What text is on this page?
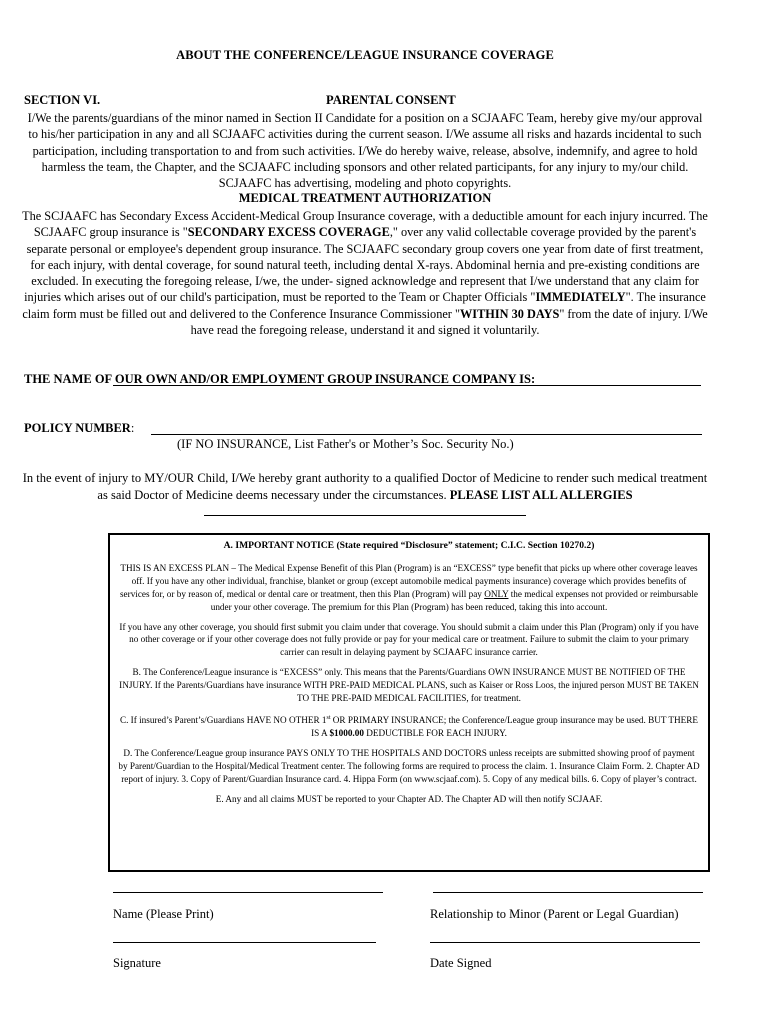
ABOUT THE CONFERENCE/LEAGUE INSURANCE COVERAGE
SECTION VI.	PARENTAL CONSENT
I/We the parents/guardians of the minor named in Section II Candidate for a position on a SCJAAFC Team, hereby give my/our approval to his/her participation in any and all SCJAAFC activities during the current season. I/We assume all risks and hazards incidental to such participation, including transportation to and from such activities. I/We do hereby waive, release, absolve, indemnify, and agree to hold harmless the team, the Chapter, and the SCJAAFC including sponsors and other related participants, for any injury to my/our child. SCJAAFC has advertising, modeling and photo copyrights.
MEDICAL TREATMENT AUTHORIZATION
The SCJAAFC has Secondary Excess Accident-Medical Group Insurance coverage, with a deductible amount for each injury incurred. The SCJAAFC group insurance is "SECONDARY EXCESS COVERAGE," over any valid collectable coverage provided by the parent's separate personal or employee's dependent group insurance. The SCJAAFC secondary group covers one year from date of first treatment, for each injury, with dental coverage, for sound natural teeth, including dental X-rays. Abdominal hernia and pre-existing conditions are excluded. In executing the foregoing release, I/we, the under- signed acknowledge and represent that I/we understand that any claim for injuries which arises out of our child's participation, must be reported to the Team or Chapter Officials "IMMEDIATELY". The insurance claim form must be filled out and delivered to the Conference Insurance Commissioner "WITHIN 30 DAYS" from the date of injury. I/We have read the foregoing release, understand it and signed it voluntarily.
THE NAME OF OUR OWN AND/OR EMPLOYMENT GROUP INSURANCE COMPANY IS:
POLICY NUMBER:
(IF NO INSURANCE, List Father's or Mother’s Soc. Security No.)
In the event of injury to MY/OUR Child, I/We hereby grant authority to a qualified Doctor of Medicine to render such medical treatment as said Doctor of Medicine deems necessary under the circumstances. PLEASE LIST ALL ALLERGIES

A. IMPORTANT NOTICE (State required “Disclosure” statement; C.I.C. Section 10270.2)

THIS IS AN EXCESS PLAN – The Medical Expense Benefit of this Plan (Program) is an “EXCESS” type benefit that picks up where other coverage leaves off. If you have any other individual, franchise, blanket or group (except automobile medical payments insurance) coverage which provides benefits of services for, or by reason of, medical or dental care or treatment, then this Plan (Program) will pay ONLY the medical expenses not provided or reimbursable under your other coverage. The premium for this Plan (Program) has been reduced, taking this into account.

If you have any other coverage, you should first submit you claim under that coverage. You should submit a claim under this Plan (Program) only if you have no other coverage or if your other coverage does not fully provide or pay for your medical care or treatment. Failure to submit the claim to your primary carrier can result in delaying payment by SCJAAFC insurance carrier.

B. The Conference/League insurance is “EXCESS” only. This means that the Parents/Guardians OWN INSURANCE MUST BE NOTIFIED OF THE INJURY. If the Parents/Guardians have insurance WITH PRE-PAID MEDICAL PLANS, such as Kaiser or Ross Loos, the injured person MUST BE TAKEN TO THE PRE-PAID MEDICAL FACILITIES, for treatment.

C. If insured’s Parent’s/Guardians HAVE NO OTHER 1st OR PRIMARY INSURANCE; the Conference/League group insurance may be used. BUT THERE IS A $1000.00 DEDUCTIBLE FOR EACH INJURY.

D. The Conference/League group insurance PAYS ONLY TO THE HOSPITALS AND DOCTORS unless receipts are submitted showing proof of payment by Parent/Guardian to the Hospital/Medical Treatment center. The following forms are required to process the claim. 1. Insurance Claim Form. 2. Chapter AD report of injury. 3. Copy of Parent/Guardian Insurance card. 4. Hippa Form (on www.scjaaf.com). 5. Copy of any medical bills. 6. Copy of player’s contract.

E. Any and all claims MUST be reported to your Chapter AD. The Chapter AD will then notify SCJAAF.

Name (Please Print)	Relationship to Minor (Parent or Legal Guardian)
Signature	Date Signed
